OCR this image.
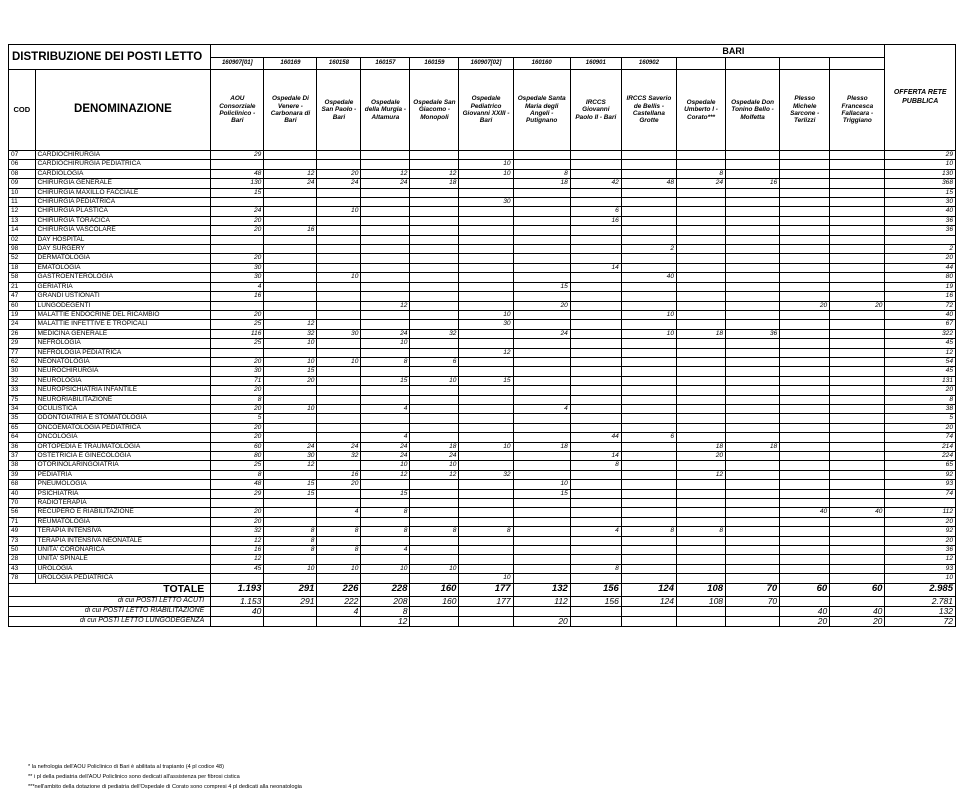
DISTRIBUZIONE DEI POSTI LETTO		BARI													OFFERTA RETE PUBBLICA
		160907[01]	160169	160158	160157	160159	160907[02]	160160	160901	160902					
COD	DENOMINAZIONE	AOU Consorziale Policlinico - Bari	Ospedale Di Venere - Carbonara di Bari	Ospedale San Paolo - Bari	Ospedale della Murgia - Altamura	Ospedale San Giacomo - Monopoli	Ospedale Pediatrico Giovanni XXIII - Bari	Ospedale Santa Maria degli Angeli - Putignano	IRCCS Giovanni Paolo II - Bari	IRCCS Saverio de Bellis - Castellana Grotte	Ospedale Umberto I - Corato***	Ospedale Don Tonino Bello - Molfetta	Plesso Michele Sarcone - Terlizzi	Plesso Francesca Fallacara - Triggiano	
07	CARDIOCHIRURGIA	29													29
06	CARDIOCHIRURGIA PEDIATRICA						10								10
08	CARDIOLOGIA	48	12	20	12	12	10	8			8				130
09	CHIRURGIA GENERALE	130	24	24	24	18		18	42	48	24	16			368
10	CHIRURGIA MAXILLO FACCIALE	15													15
11	CHIRURGIA PEDIATRICA						30								30
12	CHIRURGIA PLASTICA	24		10					6						40
13	CHIRURGIA TORACICA	20							16						36
14	CHIRURGIA VASCOLARE	20	16												36
02	DAY HOSPITAL														
98	DAY SURGERY									2					2
52	DERMATOLOGIA	20													20
18	EMATOLOGIA	30							14						44
58	GASTROENTEROLOGIA	30		10						40					80
21	GERIATRIA	4						15							19
47	GRANDI USTIONATI	16													16
60	LUNGODEGENTI				12			20					20	20	72
19	MALATTIE ENDOCRINE DEL RICAMBIO	20					10			10					40
24	MALATTIE INFETTIVE E TROPICALI	25	12				30								67
26	MEDICINA GENERALE	116	32	30	24	32		24		10	18	36			322
29	NEFROLOGIA	25	10		10										45
77	NEFROLOGIA PEDIATRICA						12								12
62	NEONATOLOGIA	20	10	10	8	6									54
30	NEUROCHIRURGIA	30	15												45
32	NEUROLOGIA	71	20		15	10	15								131
33	NEUROPSICHIATRIA INFANTILE	20													20
75	NEURORIABILITAZIONE	8													8
34	OCULISTICA	20	10		4			4							38
35	ODONTOIATRIA E STOMATOLOGIA	5													5
65	ONCOEMATOLOGIA PEDIATRICA	20													20
64	ONCOLOGIA	20			4				44	6					74
36	ORTOPEDIA E TRAUMATOLOGIA	60	24	24	24	18	10	18			18	18			214
37	OSTETRICIA E GINECOLOGIA	80	30	32	24	24			14		20				224
38	OTORINOLARINGOIATRIA	25	12		10	10			8						65
39	PEDIATRIA	8		16	12	12	32				12				92
68	PNEUMOLOGIA	48	15	20				10							93
40	PSICHIATRIA	29	15		15			15							74
70	RADIOTERAPIA														
56	RECUPERO E RIABILITAZIONE	20		4	8								40	40	112
71	REUMATOLOGIA	20													20
49	TERAPIA INTENSIVA	32	8	8	8	8	8		4	8	8				92
73	TERAPIA INTENSIVA NEONATALE	12	8												20
50	UNITA' CORONARICA	16	8	8	4										36
28	UNITA' SPINALE	12													12
43	UROLOGIA	45	10	10	10	10			8						93
78	UROLOGIA PEDIATRICA						10								10
TOTALE		1.193	291	226	228	160	177	132	156	124	108	70	60	60	2.985
di cui POSTI LETTO ACUTI		1.153	291	222	208	160	177	112	156	124	108	70			2.781
di cui POSTI LETTO RIABILITAZIONE		40		4	8								40	40	132
di cui POSTI LETTO LUNGODEGENZA					12			20					20	20	72
* la nefrologia dell'AOU Policlinico di Bari è abilitata al trapianto (4 pl codice 48)
** i pl della pediatria dell'AOU Policlinico sono dedicati all'assistenza per fibrosi cistica
***nell'ambito della dotazione di pediatria dell'Ospedale di Corato sono compresi 4 pl dedicati alla neonatologia
